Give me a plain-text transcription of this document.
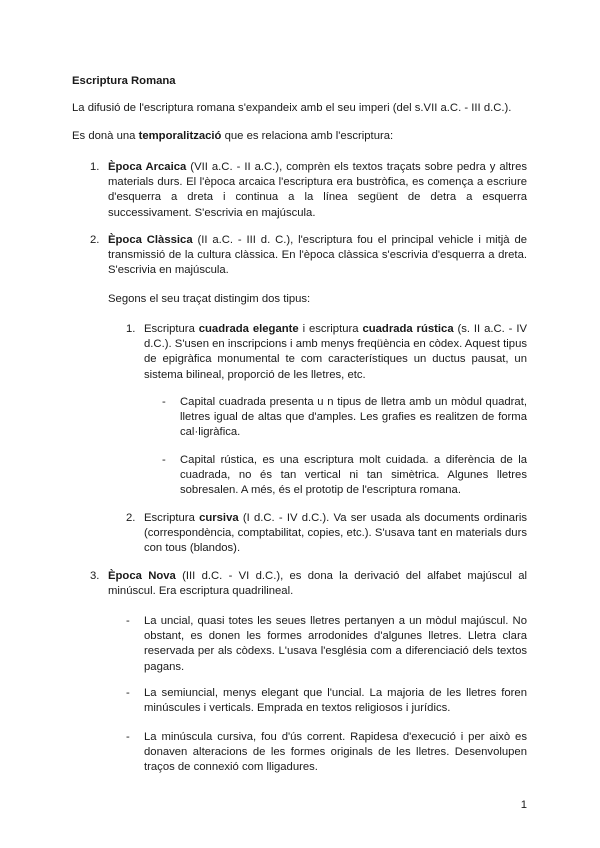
Escriptura Romana

La difusió de l'escriptura romana s'expandeix amb el seu imperi (del s.VII a.C. - III d.C.).

Es donà una temporalització que es relaciona amb l'escriptura:

1. Època Arcaica (VII a.C. - II a.C.), comprèn els textos traçats sobre pedra y altres materials durs. El l'època arcaica l'escriptura era bustròfica, es comença a escriure d'esquerra a dreta i continua a la línea següent de detra a esquerra successivament. S'escrivia en majúscula.

2. Època Clàssica (II a.C. - III d. C.), l'escriptura fou el principal vehicle i mitjà de transmissió de la cultura clàssica. En l'època clàssica s'escrivia d'esquerra a dreta. S'escrivia en majúscula.

Segons el seu traçat distingim dos tipus:

1. Escriptura cuadrada elegante i escriptura cuadrada rústica (s. II a.C. - IV d.C.). S'usen en inscripcions i amb menys freqüència en còdex. Aquest tipus de epigràfica monumental te com característiques un ductus pausat, un sistema bilineal, proporció de les lletres, etc.

- Capital cuadrada presenta u n tipus de lletra amb un mòdul quadrat, lletres igual de altas que d'amples. Les grafies es realitzen de forma cal·ligràfica.

- Capital rústica, es una escriptura molt cuidada. a diferència de la cuadrada, no és tan vertical ni tan simètrica. Algunes lletres sobresalen. A més, és el prototip de l'escriptura romana.

2. Escriptura cursiva (I d.C. - IV d.C.). Va ser usada als documents ordinaris (correspondència, comptabilitat, copies, etc.). S'usava tant en materials durs con tous (blandos).

3. Època Nova (III d.C. - VI d.C.), es dona la derivació del alfabet majúscul al minúscul. Era escriptura quadrilineal.

- La uncial, quasi totes les seues lletres pertanyen a un mòdul majúscul. No obstant, es donen les formes arrodonides d'algunes lletres. Lletra clara reservada per als còdexs. L'usava l'església com a diferenciació dels textos pagans.

- La semiuncial, menys elegant que l'uncial. La majoria de les lletres foren minúscules i verticals. Emprada en textos religiosos i jurídics.

- La minúscula cursiva, fou d'ús corrent. Rapidesa d'execució i per això es donaven alteracions de les formes originals de les lletres. Desenvolupen traços de connexió com lligadures.

1
